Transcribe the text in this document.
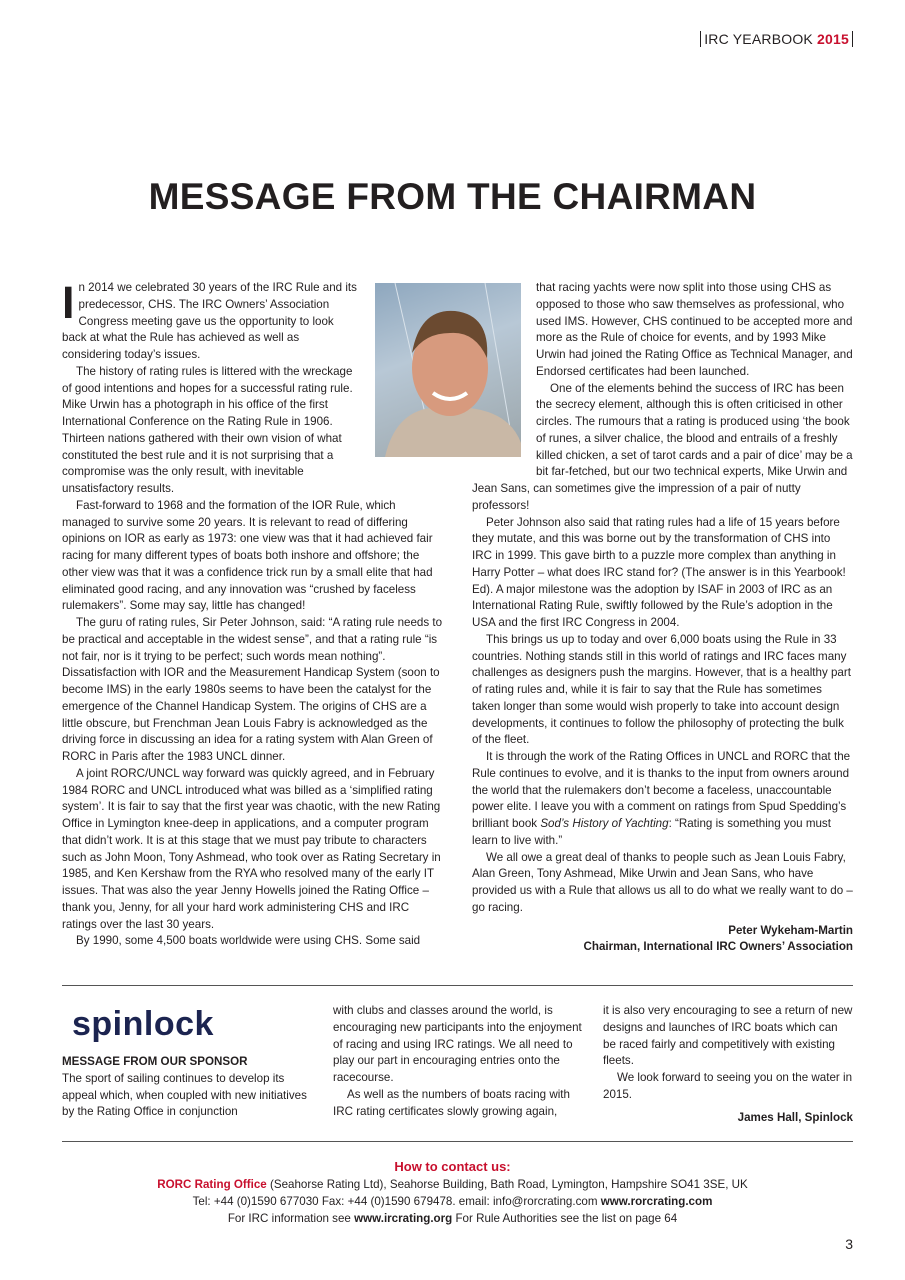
IRC YEARBOOK 2015
MESSAGE FROM THE CHAIRMAN

In 2014 we celebrated 30 years of the IRC Rule and its predecessor, CHS. The IRC Owners’ Association Congress meeting gave us the opportunity to look back at what the Rule has achieved as well as considering today’s issues.

The history of rating rules is littered with the wreckage of good intentions and hopes for a successful rating rule. Mike Urwin has a photograph in his office of the first International Conference on the Rating Rule in 1906. Thirteen nations gathered with their own vision of what constituted the best rule and it is not surprising that a compromise was the only result, with inevitable unsatisfactory results.

Fast-forward to 1968 and the formation of the IOR Rule, which managed to survive some 20 years. It is relevant to read of differing opinions on IOR as early as 1973: one view was that it had achieved fair racing for many different types of boats both inshore and offshore; the other view was that it was a confidence trick run by a small elite that had eliminated good racing, and any innovation was “crushed by faceless rulemakers”. Some may say, little has changed!

The guru of rating rules, Sir Peter Johnson, said: “A rating rule needs to be practical and acceptable in the widest sense”, and that a rating rule “is not fair, nor is it trying to be perfect; such words mean nothing”. Dissatisfaction with IOR and the Measurement Handicap System (soon to become IMS) in the early 1980s seems to have been the catalyst for the emergence of the Channel Handicap System. The origins of CHS are a little obscure, but Frenchman Jean Louis Fabry is acknowledged as the driving force in discussing an idea for a rating system with Alan Green of RORC in Paris after the 1983 UNCL dinner.

A joint RORC/UNCL way forward was quickly agreed, and in February 1984 RORC and UNCL introduced what was billed as a ‘simplified rating system’. It is fair to say that the first year was chaotic, with the new Rating Office in Lymington knee-deep in applications, and a computer program that didn’t work. It is at this stage that we must pay tribute to characters such as John Moon, Tony Ashmead, who took over as Rating Secretary in 1985, and Ken Kershaw from the RYA who resolved many of the early IT issues. That was also the year Jenny Howells joined the Rating Office – thank you, Jenny, for all your hard work administering CHS and IRC ratings over the last 30 years.

By 1990, some 4,500 boats worldwide were using CHS. Some said

that racing yachts were now split into those using CHS as opposed to those who saw themselves as professional, who used IMS. However, CHS continued to be accepted more and more as the Rule of choice for events, and by 1993 Mike Urwin had joined the Rating Office as Technical Manager, and Endorsed certificates had been launched.

One of the elements behind the success of IRC has been the secrecy element, although this is often criticised in other circles. The rumours that a rating is produced using ‘the book of runes, a silver chalice, the blood and entrails of a freshly killed chicken, a set of tarot cards and a pair of dice’ may be a bit far-fetched, but our two technical experts, Mike Urwin and Jean Sans, can sometimes give the impression of a pair of nutty professors!

Peter Johnson also said that rating rules had a life of 15 years before they mutate, and this was borne out by the transformation of CHS into IRC in 1999. This gave birth to a puzzle more complex than anything in Harry Potter – what does IRC stand for? (The answer is in this Yearbook! Ed). A major milestone was the adoption by ISAF in 2003 of IRC as an International Rating Rule, swiftly followed by the Rule’s adoption in the USA and the first IRC Congress in 2004.

This brings us up to today and over 6,000 boats using the Rule in 33 countries. Nothing stands still in this world of ratings and IRC faces many challenges as designers push the margins. However, that is a healthy part of rating rules and, while it is fair to say that the Rule has sometimes taken longer than some would wish properly to take into account design developments, it continues to follow the philosophy of protecting the bulk of the fleet.

It is through the work of the Rating Offices in UNCL and RORC that the Rule continues to evolve, and it is thanks to the input from owners around the world that the rulemakers don’t become a faceless, unaccountable power elite. I leave you with a comment on ratings from Spud Spedding’s brilliant book Sod’s History of Yachting: “Rating is something you must learn to live with.”

We all owe a great deal of thanks to people such as Jean Louis Fabry, Alan Green, Tony Ashmead, Mike Urwin and Jean Sans, who have provided us with a Rule that allows us all to do what we really want to do – go racing.

Peter Wykeham-Martin
Chairman, International IRC Owners’ Association

spinlock
MESSAGE FROM OUR SPONSOR

The sport of sailing continues to develop its appeal which, when coupled with new initiatives by the Rating Office in conjunction

with clubs and classes around the world, is encouraging new participants into the enjoyment of racing and using IRC ratings. We all need to play our part in encouraging entries onto the racecourse.

As well as the numbers of boats racing with IRC rating certificates slowly growing again,

it is also very encouraging to see a return of new designs and launches of IRC boats which can be raced fairly and competitively with existing fleets.

We look forward to seeing you on the water in 2015.

James Hall, Spinlock

How to contact us:
RORC Rating Office (Seahorse Rating Ltd), Seahorse Building, Bath Road, Lymington, Hampshire SO41 3SE, UK
Tel: +44 (0)1590 677030 Fax: +44 (0)1590 679478. email: info@rorcrating.com www.rorcrating.com
For IRC information see www.ircrating.org For Rule Authorities see the list on page 64
3
